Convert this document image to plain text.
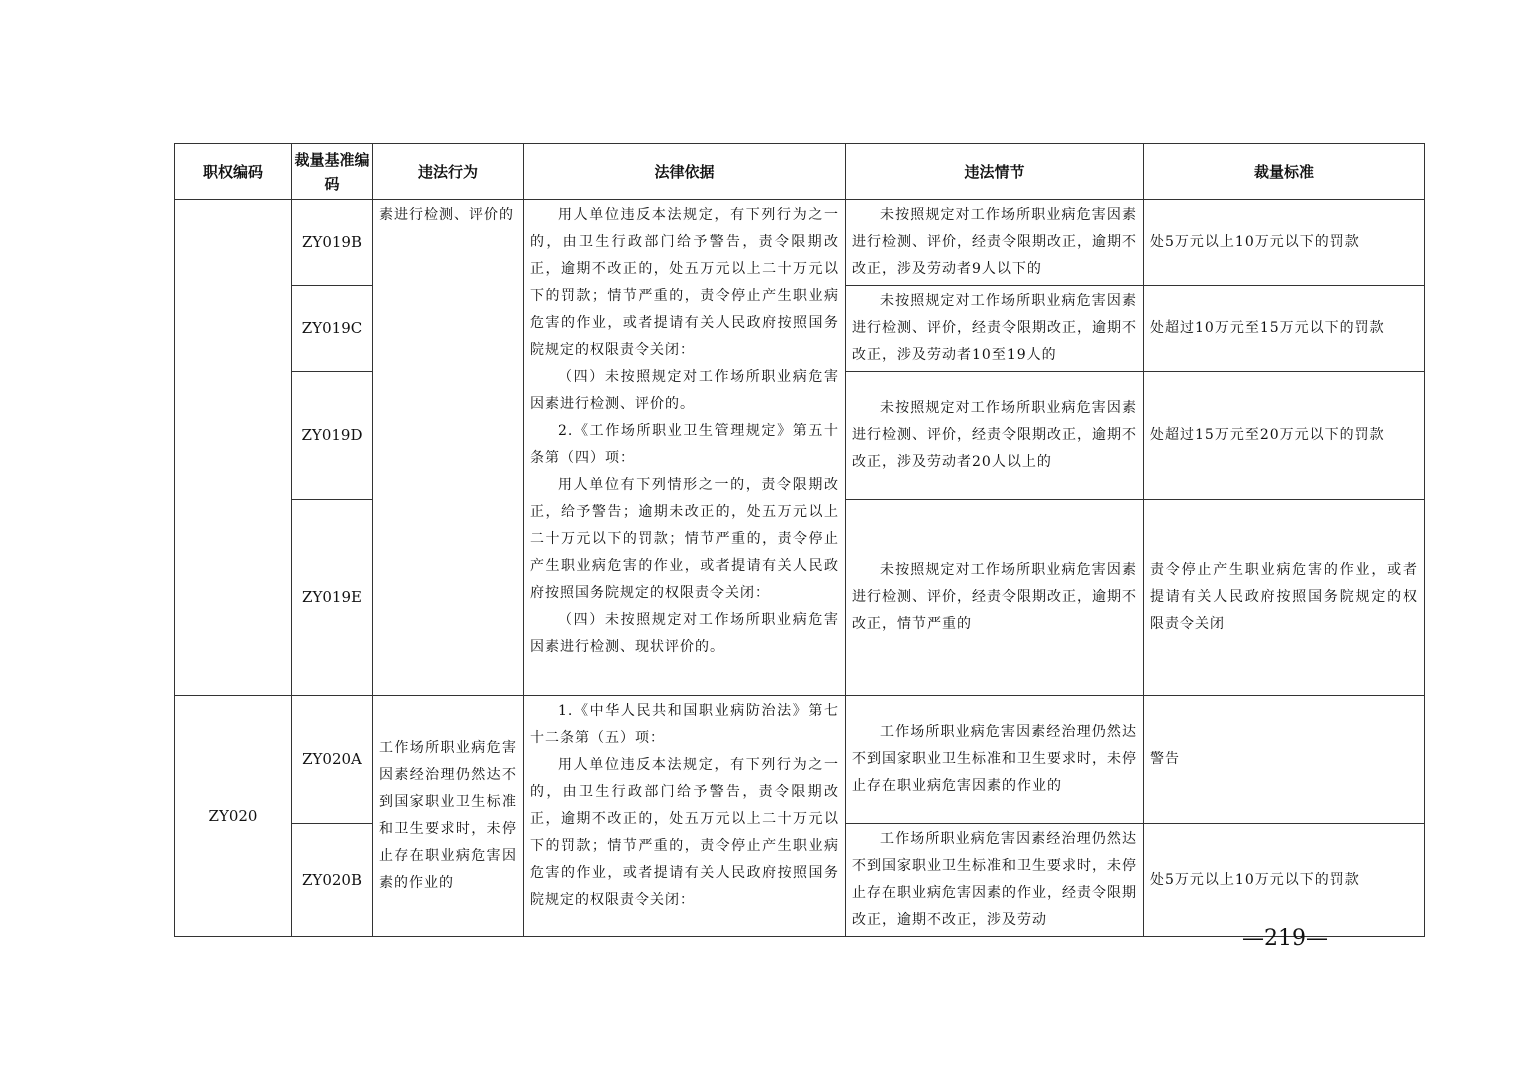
职权编码	裁量基准编码	违法行为	法律依据	违法情节	裁量标准
	ZY019B	素进行检测、评价的	用人单位违反本法规定，有下列行为之一的，由卫生行政部门给予警告，责令限期改正，逾期不改正的，处五万元以上二十万元以下的罚款；情节严重的，责令停止产生职业病危害的作业，或者提请有关人民政府按照国务院规定的权限责令关闭：

（四）未按照规定对工作场所职业病危害因素进行检测、评价的。

2.《工作场所职业卫生管理规定》第五十条第（四）项：

用人单位有下列情形之一的，责令限期改正，给予警告；逾期未改正的，处五万元以上二十万元以下的罚款；情节严重的，责令停止产生职业病危害的作业，或者提请有关人民政府按照国务院规定的权限责令关闭：

（四）未按照规定对工作场所职业病危害因素进行检测、现状评价的。	未按照规定对工作场所职业病危害因素进行检测、评价，经责令限期改正，逾期不改正，涉及劳动者9人以下的	处5万元以上10万元以下的罚款
	ZY019C			未按照规定对工作场所职业病危害因素进行检测、评价，经责令限期改正，逾期不改正，涉及劳动者10至19人的	处超过10万元至15万元以下的罚款
	ZY019D			未按照规定对工作场所职业病危害因素进行检测、评价，经责令限期改正，逾期不改正，涉及劳动者20人以上的	处超过15万元至20万元以下的罚款
	ZY019E			未按照规定对工作场所职业病危害因素进行检测、评价，经责令限期改正，逾期不改正，情节严重的	责令停止产生职业病危害的作业，或者提请有关人民政府按照国务院规定的权限责令关闭
ZY020	ZY020A	工作场所职业病危害因素经治理仍然达不到国家职业卫生标准和卫生要求时，未停止存在职业病危害因素的作业的	1.《中华人民共和国职业病防治法》第七十二条第（五）项：

用人单位违反本法规定，有下列行为之一的，由卫生行政部门给予警告，责令限期改正，逾期不改正的，处五万元以上二十万元以下的罚款；情节严重的，责令停止产生职业病危害的作业，或者提请有关人民政府按照国务院规定的权限责令关闭：	工作场所职业病危害因素经治理仍然达不到国家职业卫生标准和卫生要求时，未停止存在职业病危害因素的作业的	警告
	ZY020B			工作场所职业病危害因素经治理仍然达不到国家职业卫生标准和卫生要求时，未停止存在职业病危害因素的作业，经责令限期改正，逾期不改正，涉及劳动	处5万元以上10万元以下的罚款
—219—
